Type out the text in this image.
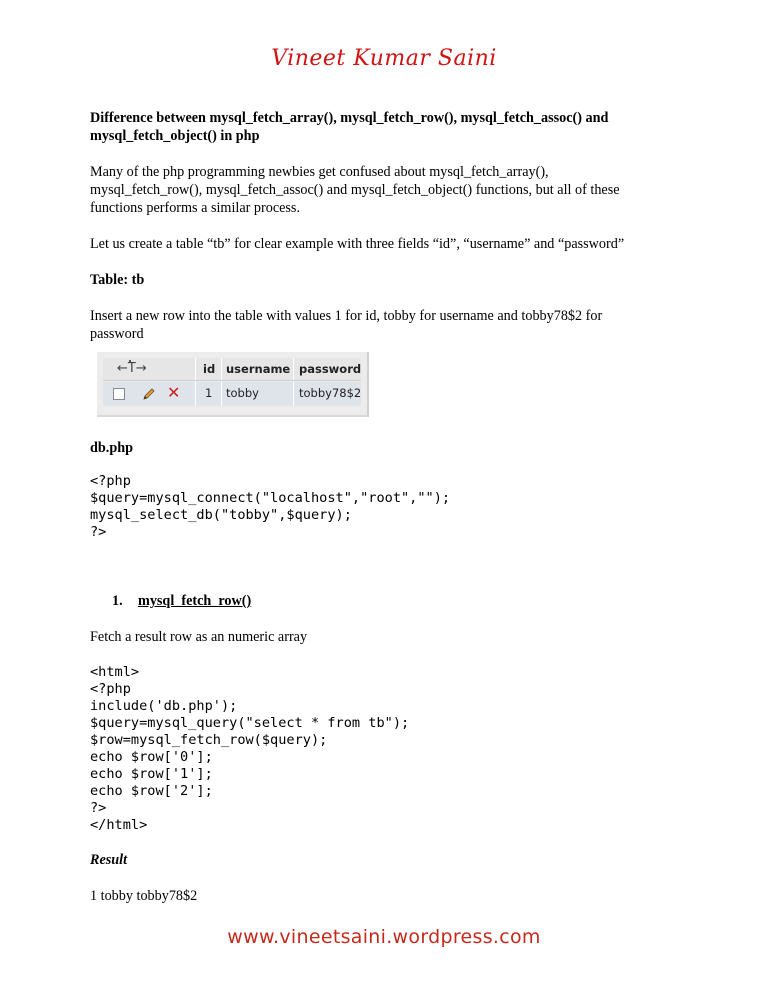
Vineet Kumar Saini

Difference between mysql_fetch_array(), mysql_fetch_row(), mysql_fetch_assoc() and

mysql_fetch_object() in php

Many of the php programming newbies get confused about mysql_fetch_array(),

mysql_fetch_row(), mysql_fetch_assoc() and mysql_fetch_object() functions, but all of these

functions performs a similar process.

Let us create a table “tb” for clear example with three fields “id”, “username” and “password”

Table: tb

Insert a new row into the table with values 1 for id, tobby for username and tobby78$2 for

password

db.php

<?php
$query=mysql_connect("localhost","root","");
mysql_select_db("tobby",$query);
?>

1. mysql_fetch_row()

Fetch a result row as an numeric array

<html>
<?php
include('db.php');
$query=mysql_query("select * from tb");
$row=mysql_fetch_row($query);
echo $row['0'];
echo $row['1'];
echo $row['2'];
?>
</html>

Result

1 tobby tobby78$2

←T→	id username password
✕ 1 tobby	tobby78$2
www.vineetsaini.wordpress.com
